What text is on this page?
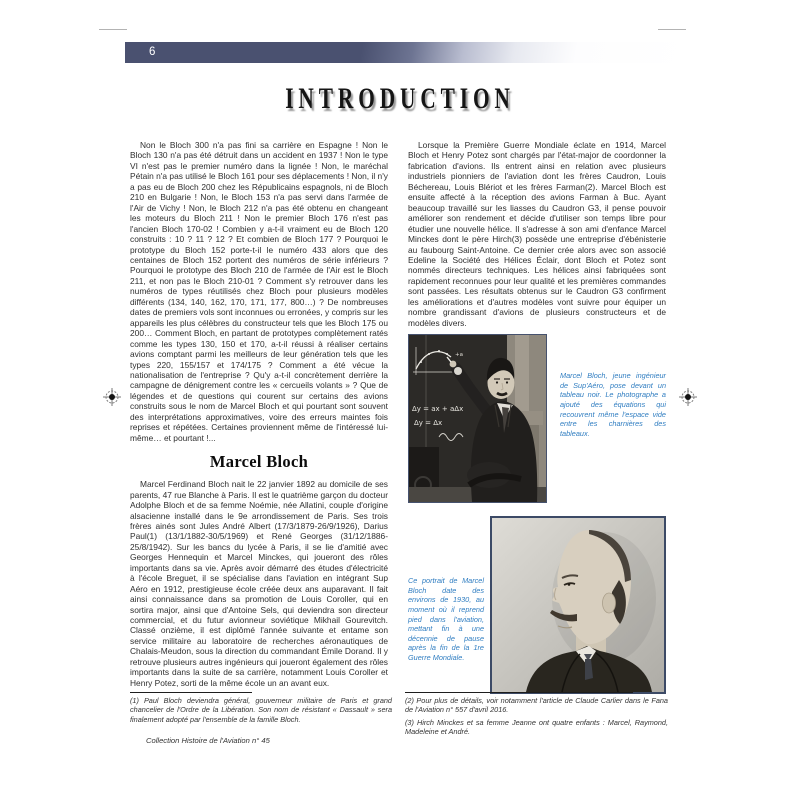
6
INTRODUCTION

Non le Bloch 300 n'a pas fini sa carrière en Espagne ! Non le Bloch 130 n'a pas été détruit dans un accident en 1937 ! Non le type VI n'est pas le premier numéro dans la lignée ! Non, le maréchal Pétain n'a pas utilisé le Bloch 161 pour ses déplacements ! Non, il n'y a pas eu de Bloch 200 chez les Républicains espagnols, ni de Bloch 210 en Bulgarie ! Non, le Bloch 153 n'a pas servi dans l'armée de l'Air de Vichy ! Non, le Bloch 212 n'a pas été obtenu en changeant les moteurs du Bloch 211 ! Non le premier Bloch 176 n'est pas l'ancien Bloch 170-02 ! Combien y a-t-il vraiment eu de Bloch 120 construits : 10 ? 11 ? 12 ? Et combien de Bloch 177 ? Pourquoi le prototype du Bloch 152 porte-t-il le numéro 433 alors que des centaines de Bloch 152 portent des numéros de série inférieurs ? Pourquoi le prototype des Bloch 210 de l'armée de l'Air est le Bloch 211, et non pas le Bloch 210-01 ? Comment s'y retrouver dans les numéros de types réutilisés chez Bloch pour plusieurs modèles différents (134, 140, 162, 170, 171, 177, 800…) ? De nombreuses dates de premiers vols sont inconnues ou erronées, y compris sur les appareils les plus célèbres du constructeur tels que les Bloch 175 ou 200… Comment Bloch, en partant de prototypes complètement ratés comme les types 130, 150 et 170, a-t-il réussi à réaliser certains avions comptant parmi les meilleurs de leur génération tels que les types 220, 155/157 et 174/175 ? Comment a été vécue la nationalisation de l'entreprise ? Qu'y a-t-il concrètement derrière la campagne de dénigrement contre les « cercueils volants » ? Que de légendes et de questions qui courent sur certains des avions construits sous le nom de Marcel Bloch et qui pourtant sont souvent des interprétations approximatives, voire des erreurs maintes fois reprises et répétées. Certaines proviennent même de l'intéressé lui-même… et pourtant !...

Marcel Bloch

Marcel Ferdinand Bloch nait le 22 janvier 1892 au domicile de ses parents, 47 rue Blanche à Paris. Il est le quatrième garçon du docteur Adolphe Bloch et de sa femme Noémie, née Allatini, couple d'origine alsacienne installé dans le 9e arrondissement de Paris. Ses trois frères ainés sont Jules André Albert (17/3/1879-26/9/1926), Darius Paul(1) (13/1/1882-30/5/1969) et René Georges (31/12/1886-25/8/1942). Sur les bancs du lycée à Paris, il se lie d'amitié avec Georges Hennequin et Marcel Minckes, qui joueront des rôles importants dans sa vie. Après avoir démarré des études d'électricité à l'école Breguet, il se spécialise dans l'aviation en intégrant Sup Aéro en 1912, prestigieuse école créée deux ans auparavant. Il fait ainsi connaissance dans sa promotion de Louis Coroller, qui en sortira major, ainsi que d'Antoine Sels, qui deviendra son directeur commercial, et du futur avionneur soviétique Mikhail Gourevitch. Classé onzième, il est diplômé l'année suivante et entame son service militaire au laboratoire de recherches aéronautiques de Chalais-Meudon, sous la direction du commandant Émile Dorand. Il y retrouve plusieurs autres ingénieurs qui joueront également des rôles importants dans la suite de sa carrière, notamment Louis Coroller et Henry Potez, sorti de la même école un an avant eux.

Lorsque la Première Guerre Mondiale éclate en 1914, Marcel Bloch et Henry Potez sont chargés par l'état-major de coordonner la fabrication d'avions. Ils entrent ainsi en relation avec plusieurs industriels pionniers de l'aviation dont les frères Caudron, Louis Béchereau, Louis Blériot et les frères Farman(2). Marcel Bloch est ensuite affecté à la réception des avions Farman à Buc. Ayant beaucoup travaillé sur les liasses du Caudron G3, il pense pouvoir améliorer son rendement et décide d'utiliser son temps libre pour étudier une nouvelle hélice. Il s'adresse à son ami d'enfance Marcel Minckes dont le père Hirch(3) possède une entreprise d'ébénisterie au faubourg Saint-Antoine. Ce dernier crée alors avec son associé Edeline la Société des Hélices Éclair, dont Bloch et Potez sont nommés directeurs techniques. Les hélices ainsi fabriquées sont rapidement reconnues pour leur qualité et les premières commandes sont passées. Les résultats obtenus sur le Caudron G3 confirment les améliorations et d'autres modèles vont suivre pour équiper un nombre grandissant d'avions de plusieurs constructeurs et de modèles divers.

+a
Δy = ax + aΔx
Δy = Δx
Marcel Bloch, jeune ingénieur de Sup'Aéro, pose devant un tableau noir. Le photographe a ajouté des équations qui recouvrent même l'espace vide entre les charnières des tableaux.
Ce portrait de Marcel Bloch date des environs de 1930, au moment où il reprend pied dans l'aviation, mettant fin à une décennie de pause après la fin de la 1re Guerre Mondiale.

(1) Paul Bloch deviendra général, gouverneur militaire de Paris et grand chancelier de l'Ordre de la Libération. Son nom de résistant « Dassault » sera finalement adopté par l'ensemble de la famille Bloch.

(2) Pour plus de détails, voir notamment l'article de Claude Carlier dans le Fana de l'Aviation n° 557 d'avril 2016.

(3) Hirch Minckes et sa femme Jeanne ont quatre enfants : Marcel, Raymond, Madeleine et André.

Collection Histoire de l'Aviation n° 45
